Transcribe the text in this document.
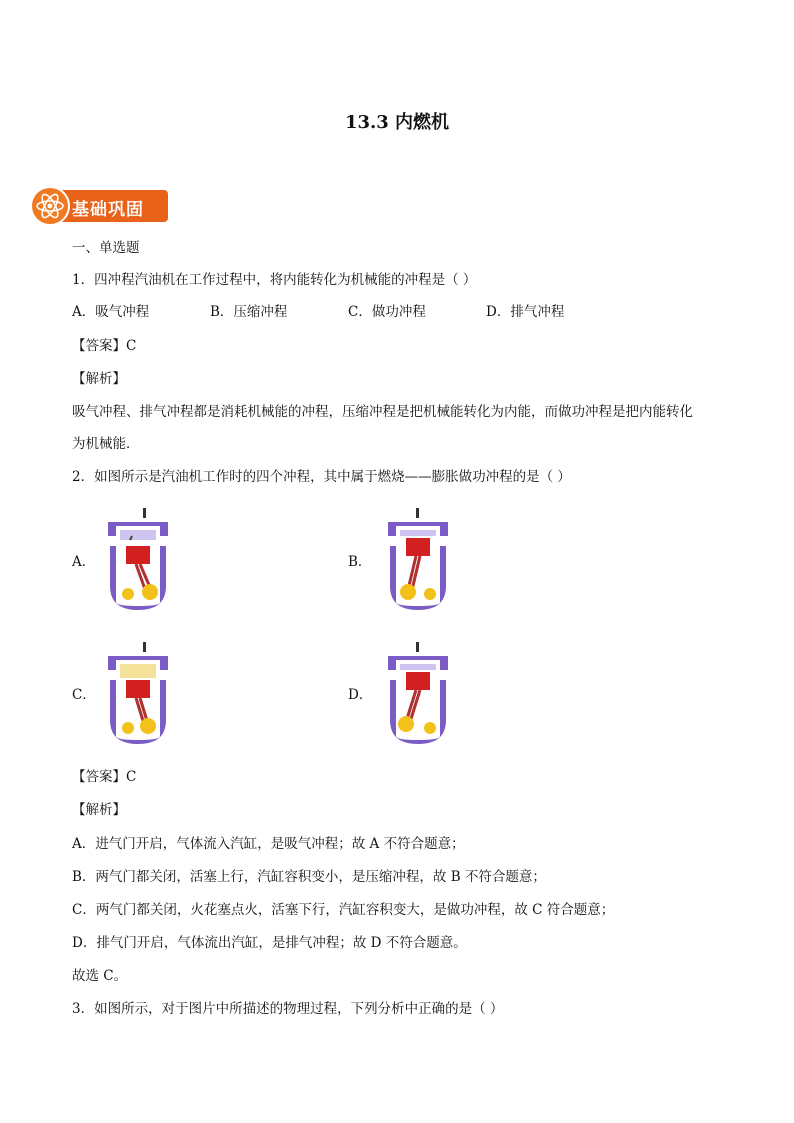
13.3 内燃机
基础巩固
一、单选题
1．四冲程汽油机在工作过程中，将内能转化为机械能的冲程是（ ）
A．吸气冲程	B．压缩冲程	C．做功冲程	D．排气冲程
【答案】C
【解析】
吸气冲程、排气冲程都是消耗机械能的冲程，压缩冲程是把机械能转化为内能，而做功冲程是把内能转化
为机械能．
2．如图所示是汽油机工作时的四个冲程，其中属于燃烧——膨胀做功冲程的是（ ）
A．	B．
C．	D．
【答案】C
【解析】
A．进气门开启，气体流入汽缸，是吸气冲程；故 A 不符合题意；
B．两气门都关闭，活塞上行，汽缸容积变小，是压缩冲程，故 B 不符合题意；
C．两气门都关闭，火花塞点火，活塞下行，汽缸容积变大，是做功冲程，故 C 符合题意；
D．排气门开启，气体流出汽缸，是排气冲程；故 D 不符合题意。
故选 C。
3．如图所示，对于图片中所描述的物理过程，下列分析中正确的是（ ）
